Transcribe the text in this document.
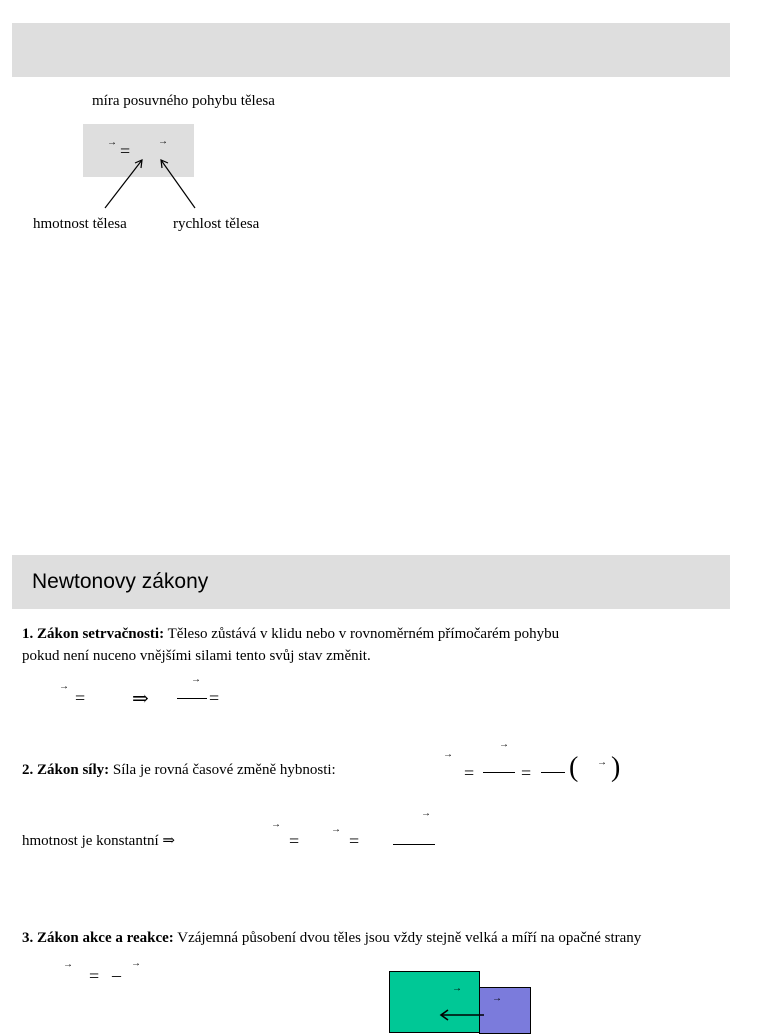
míra posuvného pohybu tělesa
→ =	→
hmotnost tělesa	rychlost tělesa
Newtonovy zákony
1. Zákon setrvačnosti: Těleso zůstává v klidu nebo v rovnoměrném přímočarém pohybu
pokud není nuceno vnějšími silami tento svůj stav změnit.
→
= ⇒
→
=
2. Zákon síly: Síla je rovná časové změně hybnosti:
→
=
→
= ( → )
hmotnost je konstantní ⇒
→
=
→
=
→
3. Zákon akce a reakce: Vzájemná působení dvou těles jsou vždy stejně velká a míří na opačné strany
→
= –
→
→
→
